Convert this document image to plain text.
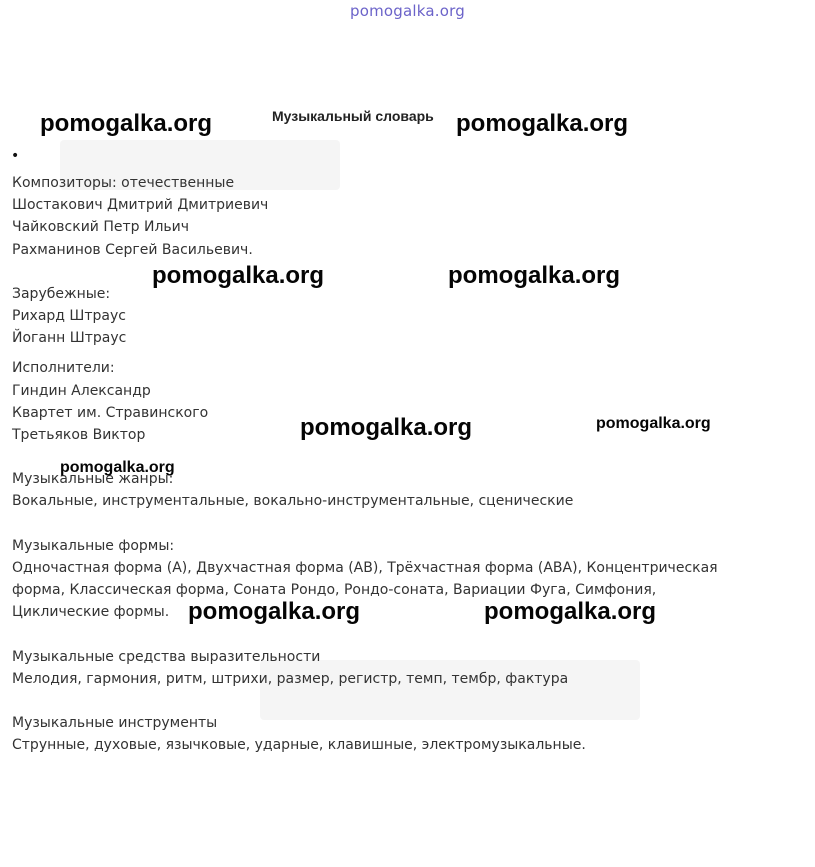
pomogalka.org
Музыкальный словарь
•
Композиторы: отечественные
Шостакович Дмитрий Дмитриевич
Чайковский Петр Ильич
Рахманинов Сергей Васильевич.
Зарубежные:
Рихард Штраус
Йоганн Штраус
Исполнители:
Гиндин Александр
Квартет им. Стравинского
Третьяков Виктор
Музыкальные жанры:
Вокальные, инструментальные, вокально-инструментальные, сценические
Музыкальные формы:
Одночастная форма (А), Двухчастная форма (АВ), Трёхчастная форма (АВА), Концентрическая
форма, Классическая форма, Соната Рондо, Рондо-соната, Вариации Фуга, Симфония,
Циклические формы.
Музыкальные средства выразительности
Мелодия, гармония, ритм, штрихи, размер, регистр, темп, тембр, фактура
Музыкальные инструменты
Струнные, духовые, язычковые, ударные, клавишные, электромузыкальные.
pomogalka.org	pomogalka.org
pomogalka.org	pomogalka.org
pomogalka.org	pomogalka.org
pomogalka.org
pomogalka.org	pomogalka.org
